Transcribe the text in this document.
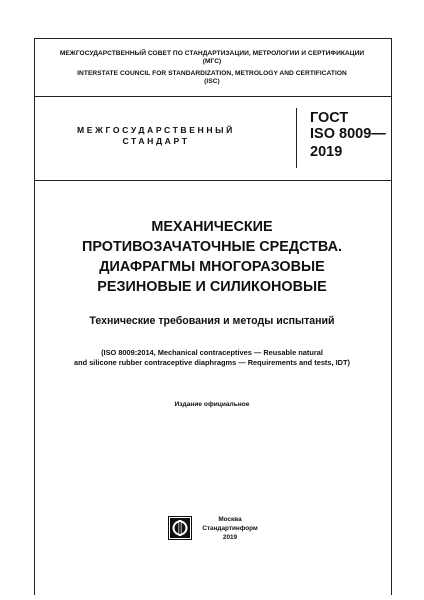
МЕЖГОСУДАРСТВЕННЫЙ СОВЕТ ПО СТАНДАРТИЗАЦИИ, МЕТРОЛОГИИ И СЕРТИФИКАЦИИ
(МГС)
INTERSTATE COUNCIL FOR STANDARDIZATION, METROLOGY AND CERTIFICATION
(ISC)
МЕЖГОСУДАРСТВЕННЫЙ
СТАНДАРТ
ГОСТ
ISO 8009—
2019
МЕХАНИЧЕСКИЕ
ПРОТИВОЗАЧАТОЧНЫЕ СРЕДСТВА.
ДИАФРАГМЫ МНОГОРАЗОВЫЕ
РЕЗИНОВЫЕ И СИЛИКОНОВЫЕ
Технические требования и методы испытаний
(ISO 8009:2014, Mechanical contraceptives — Reusable natural
and silicone rubber contraceptive diaphragms — Requirements and tests, IDT)
Издание официальное
Москва
Стандартинформ
2019
